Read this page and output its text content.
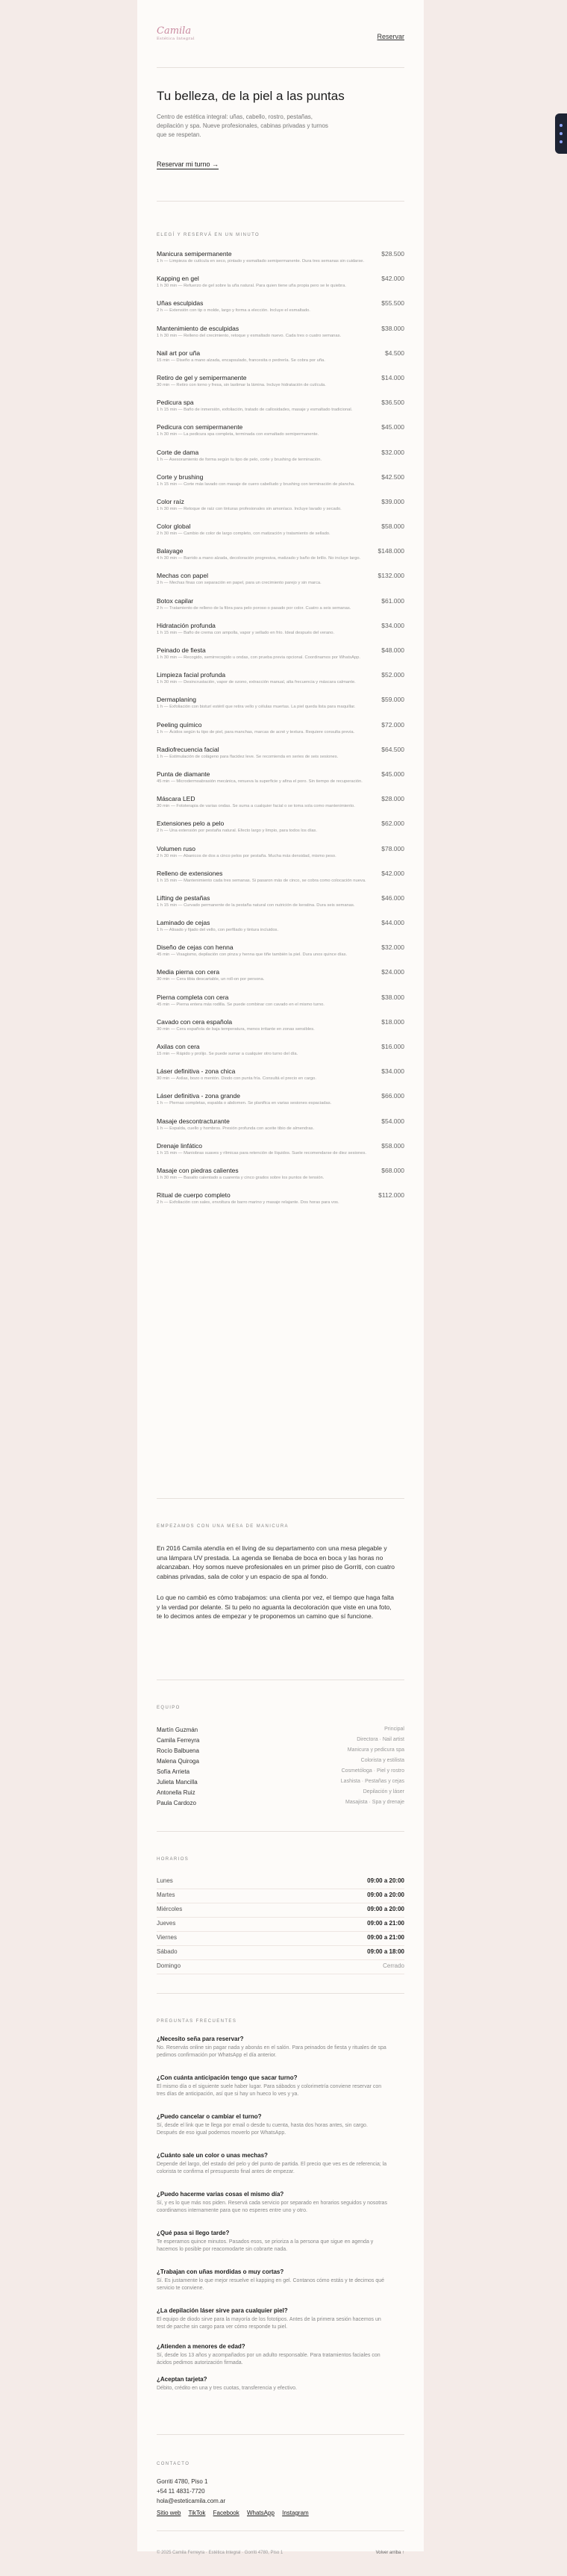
Camila
Estética Integral	Reservar
Tu belleza, de la piel a las puntas

Centro de estética integral: uñas, cabello, rostro, pestañas, depilación y spa. Nueve profesionales, cabinas privadas y turnos que se respetan.

Reservar mi turno →
ELEGÍ Y RESERVÁ EN UN MINUTO
Manicura semipermanente	$28.500
1 h — Limpieza de cutícula en seco, pintado y esmaltado semipermanente. Dura tres semanas sin cuidarse.
Kapping en gel	$42.000
1 h 30 min — Refuerzo de gel sobre la uña natural. Para quien tiene uña propia pero se le quiebra.
Uñas esculpidas	$55.500
2 h — Extensión con tip o molde, largo y forma a elección. Incluye el esmaltado.
Mantenimiento de esculpidas	$38.000
1 h 30 min — Relleno del crecimiento, retoque y esmaltado nuevo. Cada tres o cuatro semanas.
Nail art por uña	$4.500
15 min — Diseño a mano alzada, encapsulado, francesita o pedrería. Se cobra por uña.
Retiro de gel y semipermanente	$14.000
30 min — Retiro con torno y fresa, sin lastimar la lámina. Incluye hidratación de cutícula.
Pedicura spa	$36.500
1 h 15 min — Baño de inmersión, exfoliación, tratado de callosidades, masaje y esmaltado tradicional.
Pedicura con semipermanente	$45.000
1 h 30 min — La pedicura spa completa, terminada con esmaltado semipermanente.
Corte de dama	$32.000
1 h — Asesoramiento de forma según tu tipo de pelo, corte y brushing de terminación.
Corte y brushing	$42.500
1 h 15 min — Corte más lavado con masaje de cuero cabelludo y brushing con terminación de plancha.
Color raíz	$39.000
1 h 30 min — Retoque de raíz con tinturas profesionales sin amoníaco. Incluye lavado y secado.
Color global	$58.000
2 h 30 min — Cambio de color de largo completo, con matización y tratamiento de sellado.
Balayage	$148.000
4 h 30 min — Barrido a mano alzada, decoloración progresiva, matizado y baño de brillo. No incluye largo.
Mechas con papel	$132.000
3 h — Mechas finas con separación en papel, para un crecimiento parejo y sin marca.
Botox capilar	$61.000
2 h — Tratamiento de relleno de la fibra para pelo poroso o pasado por color. Cuatro a seis semanas.
Hidratación profunda	$34.000
1 h 15 min — Baño de crema con ampolla, vapor y sellado en frío. Ideal después del verano.
Peinado de fiesta	$48.000
1 h 30 min — Recogido, semirrecogido u ondas, con prueba previa opcional. Coordinamos por WhatsApp.
Limpieza facial profunda	$52.000
1 h 30 min — Desincrustación, vapor de ozono, extracción manual, alta frecuencia y máscara calmante.
Dermaplaning	$59.000
1 h — Exfoliación con bisturí estéril que retira vello y células muertas. La piel queda lista para maquillar.
Peeling químico	$72.000
1 h — Ácidos según tu tipo de piel, para manchas, marcas de acné y textura. Requiere consulta previa.
Radiofrecuencia facial	$64.500
1 h — Estimulación de colágeno para flacidez leve. Se recomienda en series de seis sesiones.
Punta de diamante	$45.000
45 min — Microdermoabrasión mecánica, renueva la superficie y afina el poro. Sin tiempo de recuperación.
Máscara LED	$28.000
30 min — Fototerapia de varias ondas. Se suma a cualquier facial o se toma sola como mantenimiento.
Extensiones pelo a pelo	$62.000
2 h — Una extensión por pestaña natural. Efecto largo y limpio, para todos los días.
Volumen ruso	$78.000
2 h 30 min — Abanicos de dos a cinco pelos por pestaña. Mucha más densidad, mismo peso.
Relleno de extensiones	$42.000
1 h 15 min — Mantenimiento cada tres semanas. Si pasaron más de cinco, se cobra como colocación nueva.
Lifting de pestañas	$46.000
1 h 15 min — Curvado permanente de la pestaña natural con nutrición de keratina. Dura seis semanas.
Laminado de cejas	$44.000
1 h — Alisado y fijado del vello, con perfilado y tintura incluidos.
Diseño de cejas con henna	$32.000
45 min — Visagismo, depilación con pinza y henna que tiñe también la piel. Dura unos quince días.
Media pierna con cera	$24.000
30 min — Cera tibia descartable, un roll-on por persona.
Pierna completa con cera	$38.000
45 min — Pierna entera más rodilla. Se puede combinar con cavado en el mismo turno.
Cavado con cera española	$18.000
30 min — Cera española de baja temperatura, menos irritante en zonas sensibles.
Axilas con cera	$16.000
15 min — Rápido y prolijo. Se puede sumar a cualquier otro turno del día.
Láser definitiva - zona chica	$34.000
30 min — Axilas, bozo o mentón. Diodo con punta fría. Consultá el precio en cargo.
Láser definitiva - zona grande	$66.000
1 h — Piernas completas, espalda o abdomen. Se planifica en varias sesiones espaciadas.
Masaje descontracturante	$54.000
1 h — Espalda, cuello y hombros. Presión profunda con aceite tibio de almendras.
Drenaje linfático	$58.000
1 h 15 min — Maniobras suaves y rítmicas para retención de líquidos. Suele recomendarse de diez sesiones.
Masaje con piedras calientes	$68.000
1 h 30 min — Basalto calentado a cuarenta y cinco grados sobre los puntos de tensión.
Ritual de cuerpo completo	$112.000
2 h — Exfoliación con sales, envoltura de barro marino y masaje relajante. Dos horas para vos.
EMPEZAMOS CON UNA MESA DE MANICURA

En 2016 Camila atendía en el living de su departamento con una mesa plegable y una lámpara UV prestada. La agenda se llenaba de boca en boca y las horas no alcanzaban. Hoy somos nueve profesionales en un primer piso de Gorriti, con cuatro cabinas privadas, sala de color y un espacio de spa al fondo.

Lo que no cambió es cómo trabajamos: una clienta por vez, el tiempo que haga falta y la verdad por delante. Si tu pelo no aguanta la decoloración que viste en una foto, te lo decimos antes de empezar y te proponemos un camino que sí funcione.

EQUIPO
Martín Guzmán	Principal
Camila Ferreyra	Directora · Nail artist
Rocío Balbuena	Manicura y pedicura spa
Malena Quiroga	Colorista y estilista
Sofía Arrieta	Cosmetóloga · Piel y rostro
Julieta Mancilla	Lashista · Pestañas y cejas
Antonella Ruiz	Depilación y láser
Paula Cardozo	Masajista · Spa y drenaje
HORARIOS
Lunes	09:00 a 20:00
Martes	09:00 a 20:00
Miércoles	09:00 a 20:00
Jueves	09:00 a 21:00
Viernes	09:00 a 21:00
Sábado	09:00 a 18:00
Domingo	Cerrado
PREGUNTAS FRECUENTES
¿Necesito seña para reservar?
No. Reservás online sin pagar nada y abonás en el salón. Para peinados de fiesta y rituales de spa pedimos confirmación por WhatsApp el día anterior.
¿Con cuánta anticipación tengo que sacar turno?
El mismo día o el siguiente suele haber lugar. Para sábados y colorimetría conviene reservar con tres días de anticipación, así que si hay un hueco lo ves y ya.
¿Puedo cancelar o cambiar el turno?
Sí, desde el link que te llega por email o desde tu cuenta, hasta dos horas antes, sin cargo. Después de eso igual podemos moverlo por WhatsApp.
¿Cuánto sale un color o unas mechas?
Depende del largo, del estado del pelo y del punto de partida. El precio que ves es de referencia; la colorista te confirma el presupuesto final antes de empezar.
¿Puedo hacerme varias cosas el mismo día?
Sí, y es lo que más nos piden. Reservá cada servicio por separado en horarios seguidos y nosotras coordinamos internamente para que no esperes entre uno y otro.
¿Qué pasa si llego tarde?
Te esperamos quince minutos. Pasados esos, se prioriza a la persona que sigue en agenda y hacemos lo posible por reacomodarte sin cobrarte nada.
¿Trabajan con uñas mordidas o muy cortas?
Sí. Es justamente lo que mejor resuelve el kapping en gel. Contanos cómo estás y te decimos qué servicio te conviene.
¿La depilación láser sirve para cualquier piel?
El equipo de diodo sirve para la mayoría de los fototipos. Antes de la primera sesión hacemos un test de parche sin cargo para ver cómo responde tu piel.
¿Atienden a menores de edad?
Sí, desde los 13 años y acompañados por un adulto responsable. Para tratamientos faciales con ácidos pedimos autorización firmada.
¿Aceptan tarjeta?
Débito, crédito en una y tres cuotas, transferencia y efectivo.
CONTACTO
Gorriti 4780, Piso 1
+54 11 4831-7720
hola@esteticamila.com.ar
Sitio web TikTok Facebook WhatsApp Instagram
© 2025 Camila Ferreyra · Estética Integral · Gorriti 4780, Piso 1	Volver arriba ↑
